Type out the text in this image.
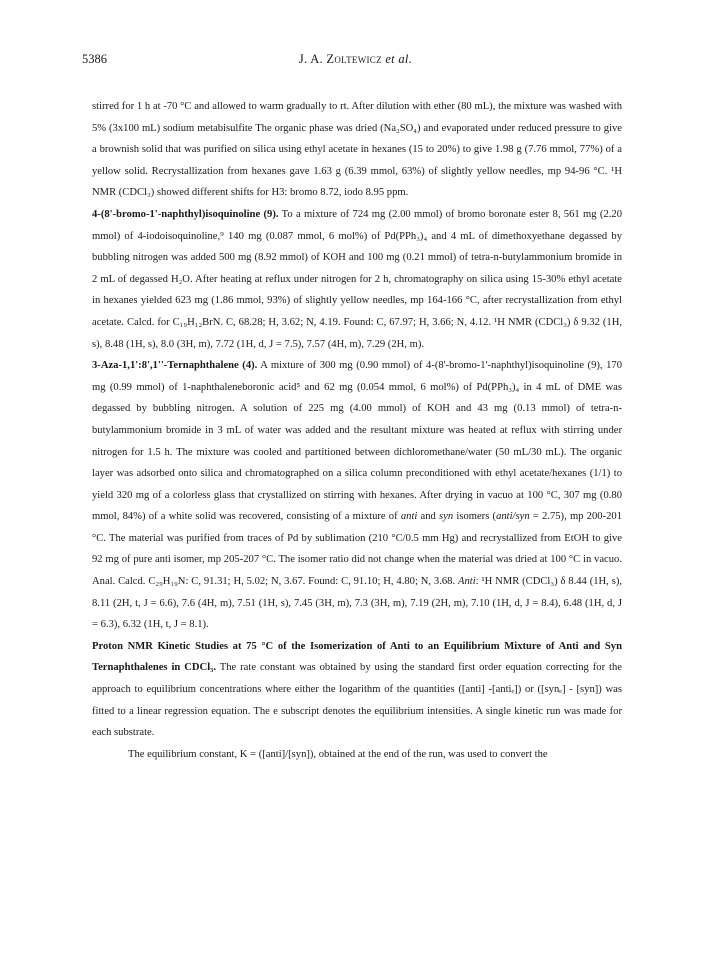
5386	J. A. Zoltewicz et al.

stirred for 1 h at -70 °C and allowed to warm gradually to rt. After dilution with ether (80 mL), the mixture was washed with 5% (3x100 mL) sodium metabisulfite The organic phase was dried (Na₂SO₄) and evaporated under reduced pressure to give a brownish solid that was purified on silica using ethyl acetate in hexanes (15 to 20%) to give 1.98 g (7.76 mmol, 77%) of a yellow solid. Recrystallization from hexanes gave 1.63 g (6.39 mmol, 63%) of slightly yellow needles, mp 94-96 °C. ¹H NMR (CDCl₃) showed different shifts for H3: bromo 8.72, iodo 8.95 ppm.

4-(8'-bromo-1'-naphthyl)isoquinoline (9). To a mixture of 724 mg (2.00 mmol) of bromo boronate ester 8, 561 mg (2.20 mmol) of 4-iodoisoquinoline,⁹ 140 mg (0.087 mmol, 6 mol%) of Pd(PPh₃)₄ and 4 mL of dimethoxyethane degassed by bubbling nitrogen was added 500 mg (8.92 mmol) of KOH and 100 mg (0.21 mmol) of tetra-n-butylammonium bromide in 2 mL of degassed H₂O. After heating at reflux under nitrogen for 2 h, chromatography on silica using 15-30% ethyl acetate in hexanes yielded 623 mg (1.86 mmol, 93%) of slightly yellow needles, mp 164-166 °C, after recrystallization from ethyl acetate. Calcd. for C₁₉H₁₂BrN. C, 68.28; H, 3.62; N, 4.19. Found: C, 67.97; H, 3.66; N, 4.12. ¹H NMR (CDCl₃) δ 9.32 (1H, s), 8.48 (1H, s), 8.0 (3H, m), 7.72 (1H, d, J = 7.5), 7.57 (4H, m), 7.29 (2H, m).

3-Aza-1,1':8',1''-Ternaphthalene (4). A mixture of 300 mg (0.90 mmol) of 4-(8'-bromo-1'-naphthyl)isoquinoline (9), 170 mg (0.99 mmol) of 1-naphthaleneboronic acid⁵ and 62 mg (0.054 mmol, 6 mol%) of Pd(PPh₃)₄ in 4 mL of DME was degassed by bubbling nitrogen. A solution of 225 mg (4.00 mmol) of KOH and 43 mg (0.13 mmol) of tetra-n-butylammonium bromide in 3 mL of water was added and the resultant mixture was heated at reflux with stirring under nitrogen for 1.5 h. The mixture was cooled and partitioned between dichloromethane/water (50 mL/30 mL). The organic layer was adsorbed onto silica and chromatographed on a silica column preconditioned with ethyl acetate/hexanes (1/1) to yield 320 mg of a colorless glass that crystallized on stirring with hexanes. After drying in vacuo at 100 °C, 307 mg (0.80 mmol, 84%) of a white solid was recovered, consisting of a mixture of anti and syn isomers (anti/syn = 2.75), mp 200-201 °C. The material was purified from traces of Pd by sublimation (210 °C/0.5 mm Hg) and recrystallized from EtOH to give 92 mg of pure anti isomer, mp 205-207 °C. The isomer ratio did not change when the material was dried at 100 °C in vacuo. Anal. Calcd. C₂₉H₁₉N: C, 91.31; H, 5.02; N, 3.67. Found: C, 91.10; H, 4.80; N, 3.68. Anti: ¹H NMR (CDCl₃) δ 8.44 (1H, s), 8.11 (2H, t, J = 6.6), 7.6 (4H, m), 7.51 (1H, s), 7.45 (3H, m), 7.3 (3H, m), 7.19 (2H, m), 7.10 (1H, d, J = 8.4), 6.48 (1H, d, J = 6.3), 6.32 (1H, t, J = 8.1).

Proton NMR Kinetic Studies at 75 °C of the Isomerization of Anti to an Equilibrium Mixture of Anti and Syn Ternaphthalenes in CDCl₃. The rate constant was obtained by using the standard first order equation correcting for the approach to equilibrium concentrations where either the logarithm of the quantities ([anti] -[antiₑ]) or ([synₑ] - [syn]) was fitted to a linear regression equation. The e subscript denotes the equilibrium intensities. A single kinetic run was made for each substrate.

The equilibrium constant, K = ([anti]/[syn]), obtained at the end of the run, was used to convert the
